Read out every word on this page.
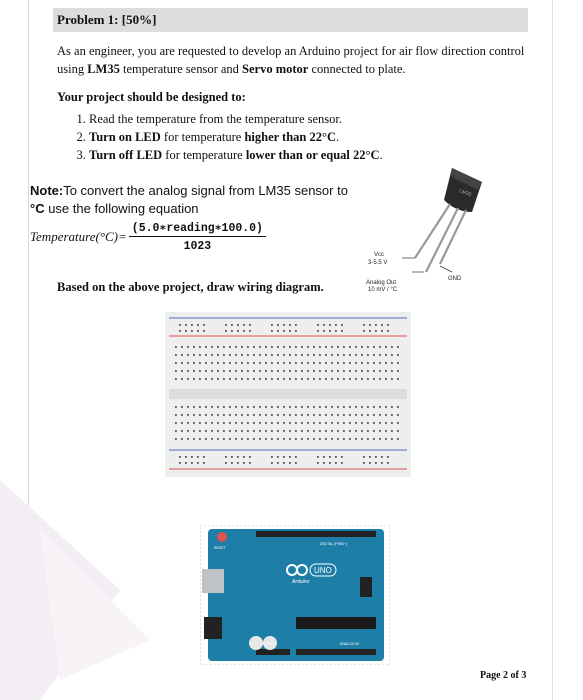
Problem 1: [50%]
As an engineer, you are requested to develop an Arduino project for air flow direction control using LM35 temperature sensor and Servo motor connected to plate.
Your project should be designed to:
1. Read the temperature from the temperature sensor.
2. Turn on LED for temperature higher than 22°C.
3. Turn off LED for temperature lower than or equal 22°C.
Note:To convert the analog signal from LM35 sensor to
°C use the following equation
Temperature(°C)= $\frac{\text{(5.0∗reading∗100.0)}}{1023}$
Based on the above project, draw wiring diagram.
LM35
Vcc
3-5.5 V
Analog Out
10 mV / °C
GND
UNO
Arduino
DIGITAL (PWM~)
ANALOG IN
POWER
RESET
Page 2 of 3
